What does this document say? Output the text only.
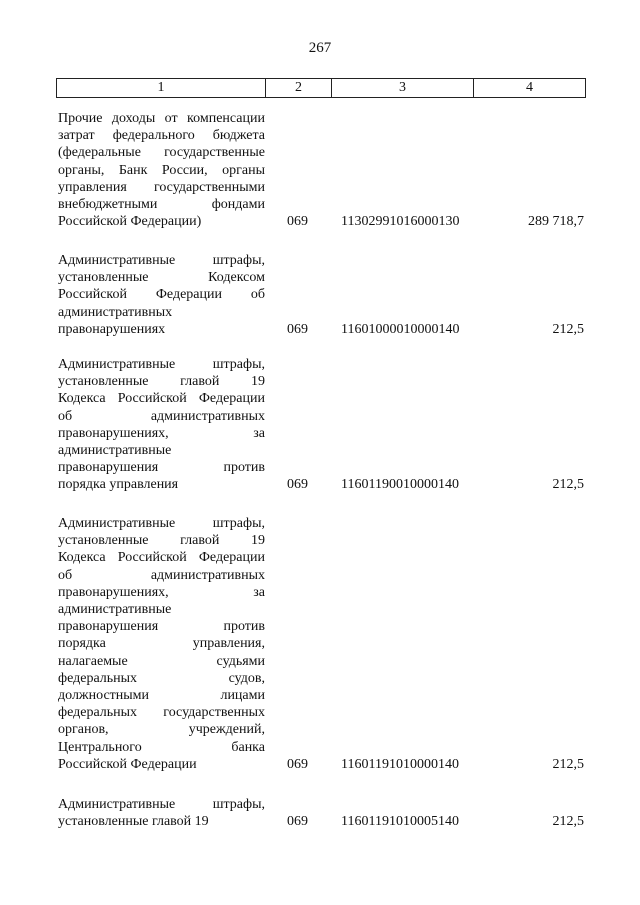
267
1	2	3	4
Прочие доходы от компенсации
затрат федерального бюджета
(федеральные государственные
органы, Банк России, органы
управления государственными
внебюджетными фондами
Российской Федерации)	069 11302991016000130	289 718,7
Административные штрафы,
установленные Кодексом
Российской Федерации об
административных
правонарушениях	069 11601000010000140	212,5
Административные штрафы,
установленные главой 19
Кодекса Российской Федерации
об административных
правонарушениях, за
административные
правонарушения против
порядка управления	069 11601190010000140	212,5
Административные штрафы,
установленные главой 19
Кодекса Российской Федерации
об административных
правонарушениях, за
административные
правонарушения против
порядка управления,
налагаемые судьями
федеральных судов,
должностными лицами
федеральных государственных
органов, учреждений,
Центрального банка
Российской Федерации	069 11601191010000140	212,5
Административные штрафы,
установленные главой 19	069 11601191010005140	212,5
